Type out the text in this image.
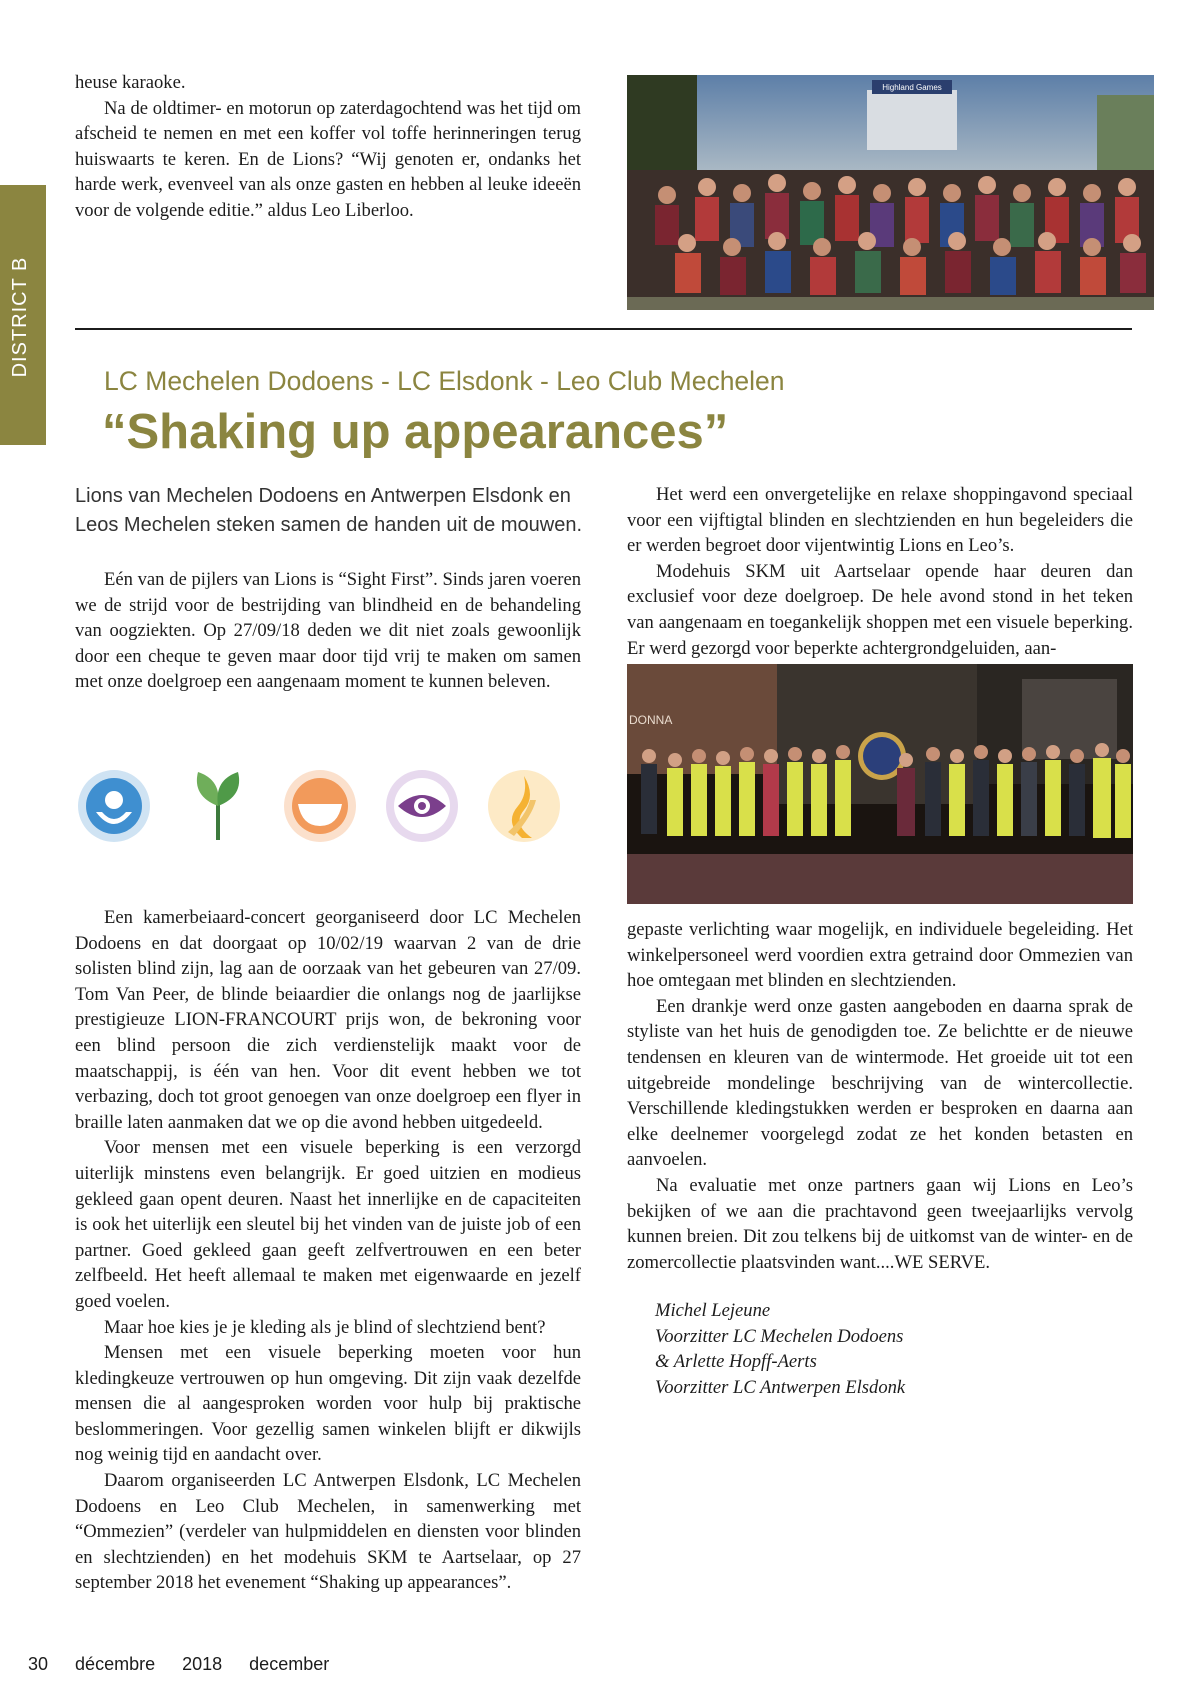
DISTRICT B

heuse karaoke.

Na de oldtimer- en motorun op zaterdagochtend was het tijd om afscheid te nemen en met een koffer vol toffe herinneringen terug huiswaarts te keren. En de Lions? “Wij genoten er, ondanks het harde werk, evenveel van als onze gasten en hebben al leuke ideeën voor de volgende editie.” aldus Leo Liberloo.

Highland Games
LC Mechelen Dodoens - LC Elsdonk - Leo Club Mechelen
“Shaking up appearances”
Lions van Mechelen Dodoens en Antwerpen Elsdonk en Leos Mechelen steken samen de handen uit de mouwen.

Eén van de pijlers van Lions is “Sight First”. Sinds jaren voeren we de strijd voor de bestrijding van blindheid en de behandeling van oogziekten. Op 27/09/18 deden we dit niet zoals gewoonlijk door een cheque te geven maar door tijd vrij te maken om samen met onze doelgroep een aangenaam moment te kunnen beleven.

Een kamerbeiaard-concert georganiseerd door LC Mechelen Dodoens en dat doorgaat op 10/02/19 waarvan 2 van de drie solisten blind zijn, lag aan de oorzaak van het gebeuren van 27/09. Tom Van Peer, de blinde beiaardier die onlangs nog de jaarlijkse prestigieuze LION-FRANCOURT prijs won, de bekroning voor een blind persoon die zich verdienstelijk maakt voor de maatschappij, is één van hen. Voor dit event hebben we tot verbazing, doch tot groot genoegen van onze doelgroep een flyer in braille laten aanmaken dat we op die avond hebben uitgedeeld.

Voor mensen met een visuele beperking is een verzorgd uiterlijk minstens even belangrijk. Er goed uitzien en modieus gekleed gaan opent deuren. Naast het innerlijke en de capaciteiten is ook het uiterlijk een sleutel bij het vinden van de juiste job of een partner. Goed gekleed gaan geeft zelfvertrouwen en een beter zelfbeeld. Het heeft allemaal te maken met eigenwaarde en jezelf goed voelen.

Maar hoe kies je je kleding als je blind of slechtziend bent?

Mensen met een visuele beperking moeten voor hun kledingkeuze vertrouwen op hun omgeving. Dit zijn vaak dezelfde mensen die al aangesproken worden voor hulp bij praktische beslommeringen. Voor gezellig samen winkelen blijft er dikwijls nog weinig tijd en aandacht over.

Daarom organiseerden LC Antwerpen Elsdonk, LC Mechelen Dodoens en Leo Club Mechelen, in samenwerking met “Ommezien” (verdeler van hulpmiddelen en diensten voor blinden en slechtzienden) en het modehuis SKM te Aartselaar, op 27 september 2018 het evenement “Shaking up appearances”.

Het werd een onvergetelijke en relaxe shoppingavond speciaal voor een vijftigtal blinden en slechtzienden en hun begeleiders die er werden begroet door vijentwintig Lions en Leo’s.

Modehuis SKM uit Aartselaar opende haar deuren dan exclusief voor deze doelgroep. De hele avond stond in het teken van aangenaam en toegankelijk shoppen met een visuele beperking. Er werd gezorgd voor beperkte achtergrondgeluiden, aan-

DONNA

gepaste verlichting waar mogelijk, en individuele begeleiding. Het winkelpersoneel werd voordien extra getraind door Ommezien van hoe omtegaan met blinden en slechtzienden.

Een drankje werd onze gasten aangeboden en daarna sprak de styliste van het huis de genodigden toe. Ze belichtte er de nieuwe tendensen en kleuren van de wintermode. Het groeide uit tot een uitgebreide mondelinge beschrijving van de wintercollectie. Verschillende kledingstukken werden er besproken en daarna aan elke deelnemer voorgelegd zodat ze het konden betasten en aanvoelen.

Na evaluatie met onze partners gaan wij Lions en Leo’s bekijken of we aan die prachtavond geen tweejaarlijks vervolg kunnen breien. Dit zou telkens bij de uitkomst van de winter- en de zomercollectie plaatsvinden want....WE SERVE.

Michel Lejeune
Voorzitter LC Mechelen Dodoens
& Arlette Hopff-Aerts
Voorzitter LC Antwerpen Elsdonk
30 décembre 2018 december
